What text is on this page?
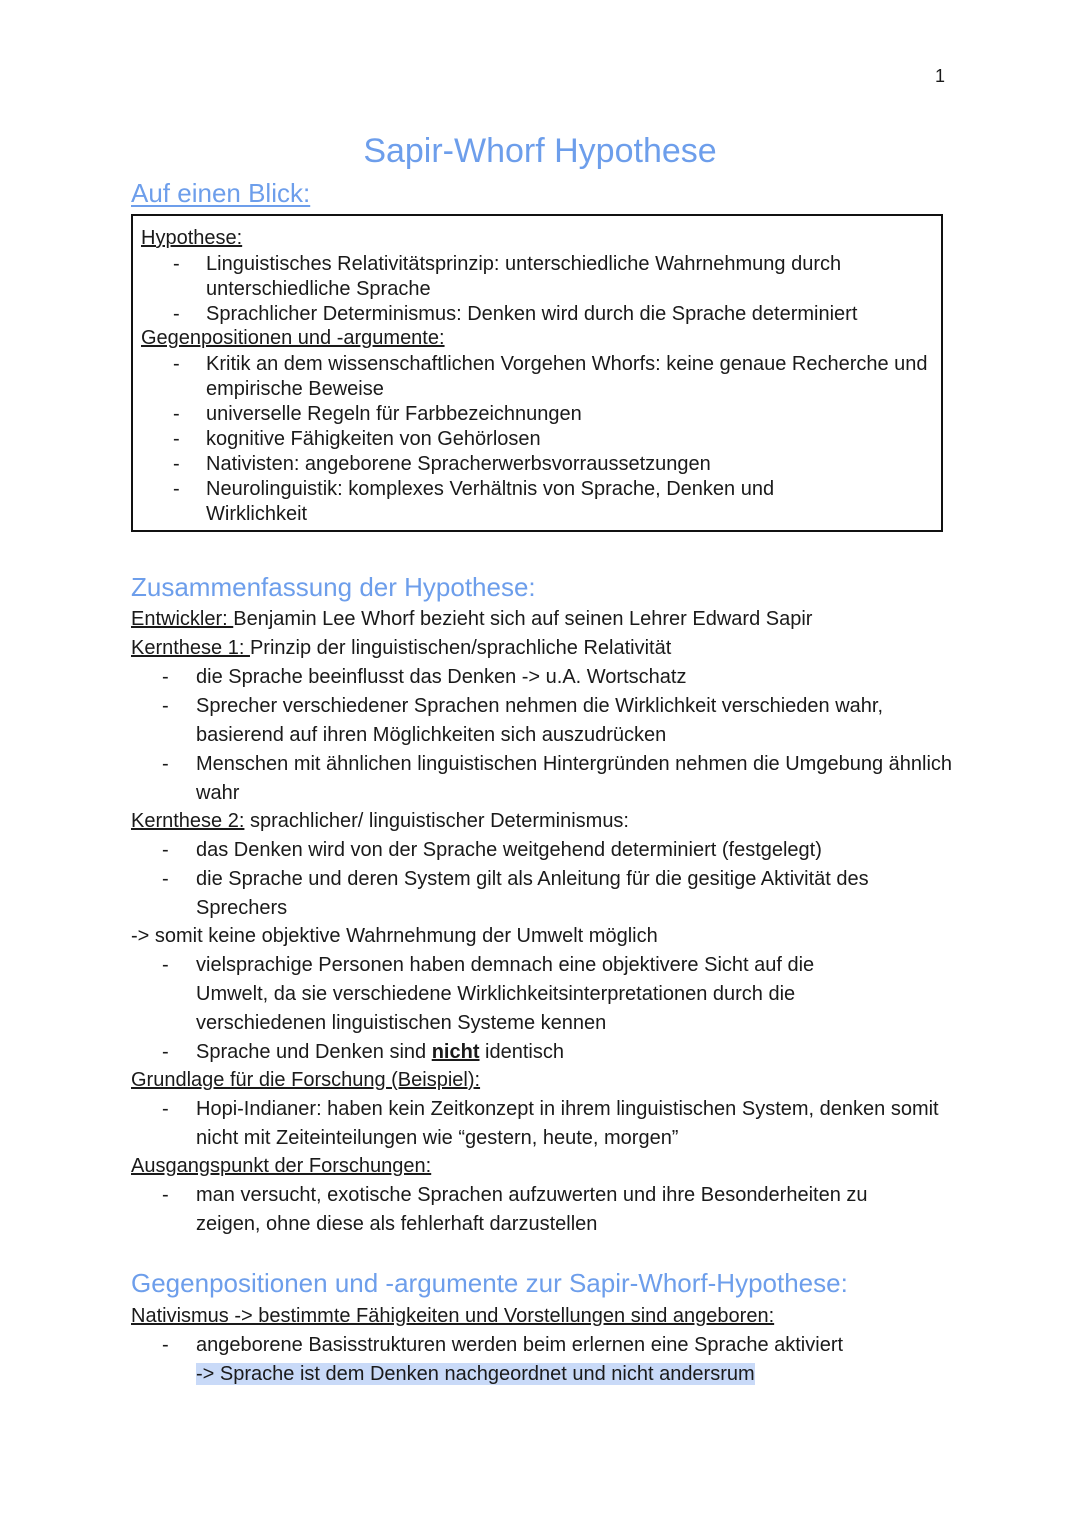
1
Sapir-Whorf Hypothese
Auf einen Blick:
Hypothese:
- Linguistisches Relativitätsprinzip: unterschiedliche Wahrnehmung durch unterschiedliche Sprache
- Sprachlicher Determinismus: Denken wird durch die Sprache determiniert
Gegenpositionen und -argumente:
- Kritik an dem wissenschaftlichen Vorgehen Whorfs: keine genaue Recherche und empirische Beweise
- universelle Regeln für Farbbezeichnungen
- kognitive Fähigkeiten von Gehörlosen
- Nativisten: angeborene Spracherwerbsvorraussetzungen
- Neurolinguistik: komplexes Verhältnis von Sprache, Denken und Wirklichkeit
Zusammenfassung der Hypothese:
Entwickler: Benjamin Lee Whorf bezieht sich auf seinen Lehrer Edward Sapir
Kernthese 1: Prinzip der linguistischen/sprachliche Relativität
- die Sprache beeinflusst das Denken -> u.A. Wortschatz
- Sprecher verschiedener Sprachen nehmen die Wirklichkeit verschieden wahr, basierend auf ihren Möglichkeiten sich auszudrücken
- Menschen mit ähnlichen linguistischen Hintergründen nehmen die Umgebung ähnlich wahr
Kernthese 2: sprachlicher/ linguistischer Determinismus:
- das Denken wird von der Sprache weitgehend determiniert (festgelegt)
- die Sprache und deren System gilt als Anleitung für die gesitige Aktivität des Sprechers
-> somit keine objektive Wahrnehmung der Umwelt möglich
- vielsprachige Personen haben demnach eine objektivere Sicht auf die Umwelt, da sie verschiedene Wirklichkeitsinterpretationen durch die verschiedenen linguistischen Systeme kennen
- Sprache und Denken sind nicht identisch
Grundlage für die Forschung (Beispiel):
- Hopi-Indianer: haben kein Zeitkonzept in ihrem linguistischen System, denken somit nicht mit Zeiteinteilungen wie “gestern, heute, morgen”
Ausgangspunkt der Forschungen:
- man versucht, exotische Sprachen aufzuwerten und ihre Besonderheiten zu zeigen, ohne diese als fehlerhaft darzustellen
Gegenpositionen und -argumente zur Sapir-Whorf-Hypothese:
Nativismus -> bestimmte Fähigkeiten und Vorstellungen sind angeboren:
- angeborene Basisstrukturen werden beim erlernen eine Sprache aktiviert
-> Sprache ist dem Denken nachgeordnet und nicht andersrum
